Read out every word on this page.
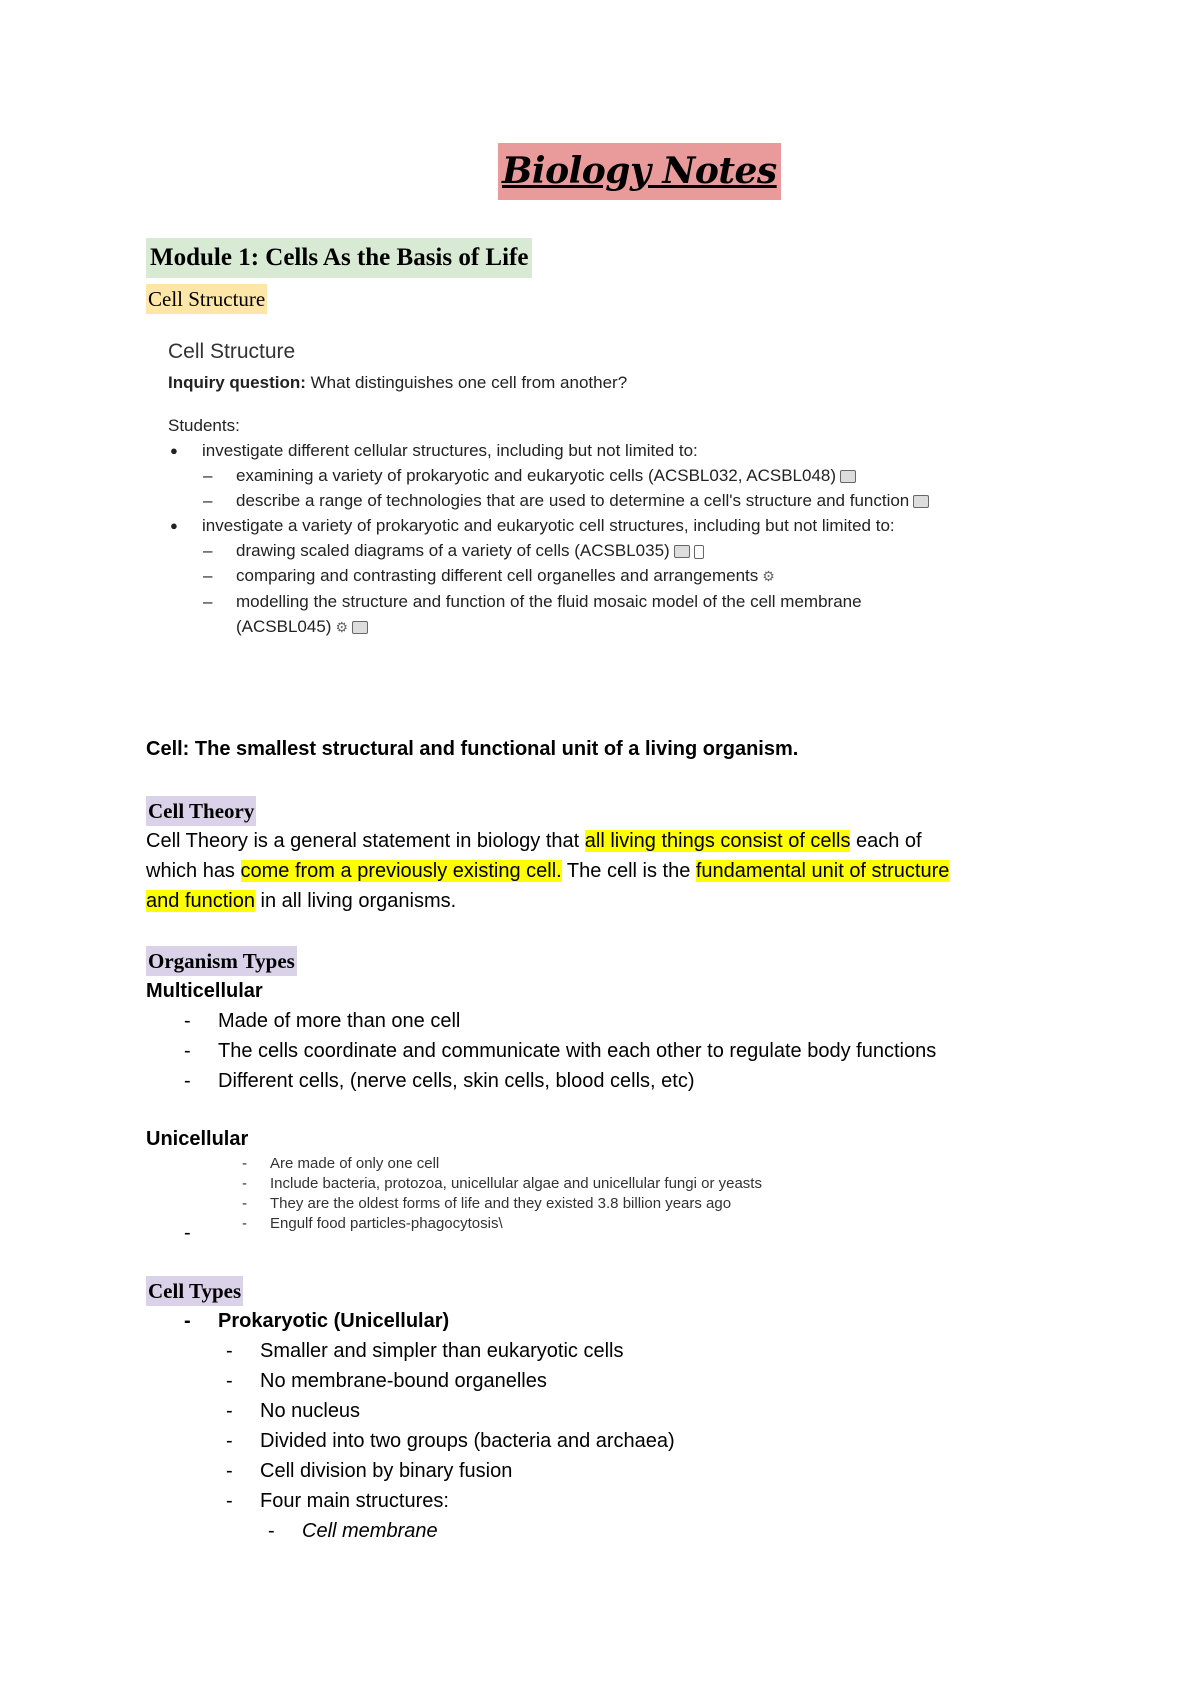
Biology Notes
Module 1: Cells As the Basis of Life
Cell Structure
Cell Structure
Inquiry question: What distinguishes one cell from another?
Students:
● investigate different cellular structures, including but not limited to:
– examining a variety of prokaryotic and eukaryotic cells (ACSBL032, ACSBL048)
– describe a range of technologies that are used to determine a cell's structure and function
● investigate a variety of prokaryotic and eukaryotic cell structures, including but not limited to:
– drawing scaled diagrams of a variety of cells (ACSBL035)
– comparing and contrasting different cell organelles and arrangements ⚙
– modelling the structure and function of the fluid mosaic model of the cell membrane
(ACSBL045) ⚙
Cell: The smallest structural and functional unit of a living organism.
Cell Theory
Cell Theory is a general statement in biology that all living things consist of cells each of
which has come from a previously existing cell. The cell is the fundamental unit of structure
and function in all living organisms.
Organism Types
Multicellular
- Made of more than one cell
- The cells coordinate and communicate with each other to regulate body functions
- Different cells, (nerve cells, skin cells, blood cells, etc)
Unicellular
- Are made of only one cell
- Include bacteria, protozoa, unicellular algae and unicellular fungi or yeasts
- They are the oldest forms of life and they existed 3.8 billion years ago
- Engulf food particles-phagocytosis\
-
Cell Types
- Prokaryotic (Unicellular)
- Smaller and simpler than eukaryotic cells
- No membrane-bound organelles
- No nucleus
- Divided into two groups (bacteria and archaea)
- Cell division by binary fusion
- Four main structures:
- Cell membrane
